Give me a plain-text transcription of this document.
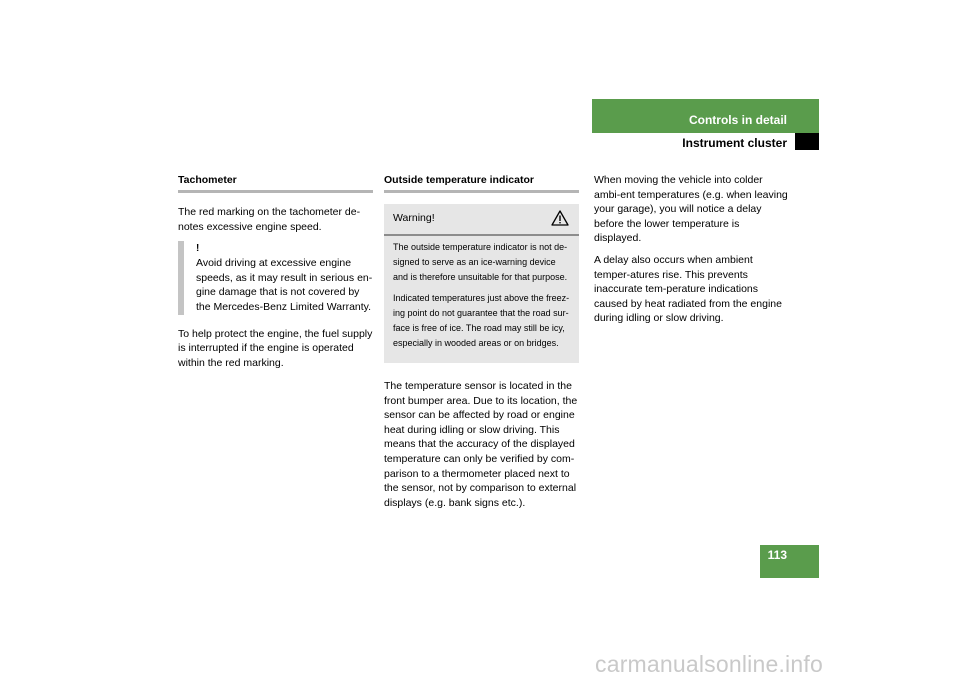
Controls in detail
Instrument cluster
Tachometer

The red marking on the tachometer de-notes excessive engine speed.

!
Avoid driving at excessive engine speeds, as it may result in serious en-gine damage that is not covered by the Mercedes-Benz Limited Warranty.

To help protect the engine, the fuel supply is interrupted if the engine is operated within the red marking.

Outside temperature indicator
Warning!

The outside temperature indicator is not de-signed to serve as an ice-warning device and is therefore unsuitable for that purpose.

Indicated temperatures just above the freez-ing point do not guarantee that the road sur-face is free of ice. The road may still be icy, especially in wooded areas or on bridges.

The temperature sensor is located in the front bumper area. Due to its location, the sensor can be affected by road or engine heat during idling or slow driving. This means that the accuracy of the displayed temperature can only be verified by com-parison to a thermometer placed next to the sensor, not by comparison to external displays (e.g. bank signs etc.).

When moving the vehicle into colder ambi-ent temperatures (e.g. when leaving your garage), you will notice a delay before the lower temperature is displayed.

A delay also occurs when ambient temper-atures rise. This prevents inaccurate tem-perature indications caused by heat radiated from the engine during idling or slow driving.

113
carmanualsonline.info
